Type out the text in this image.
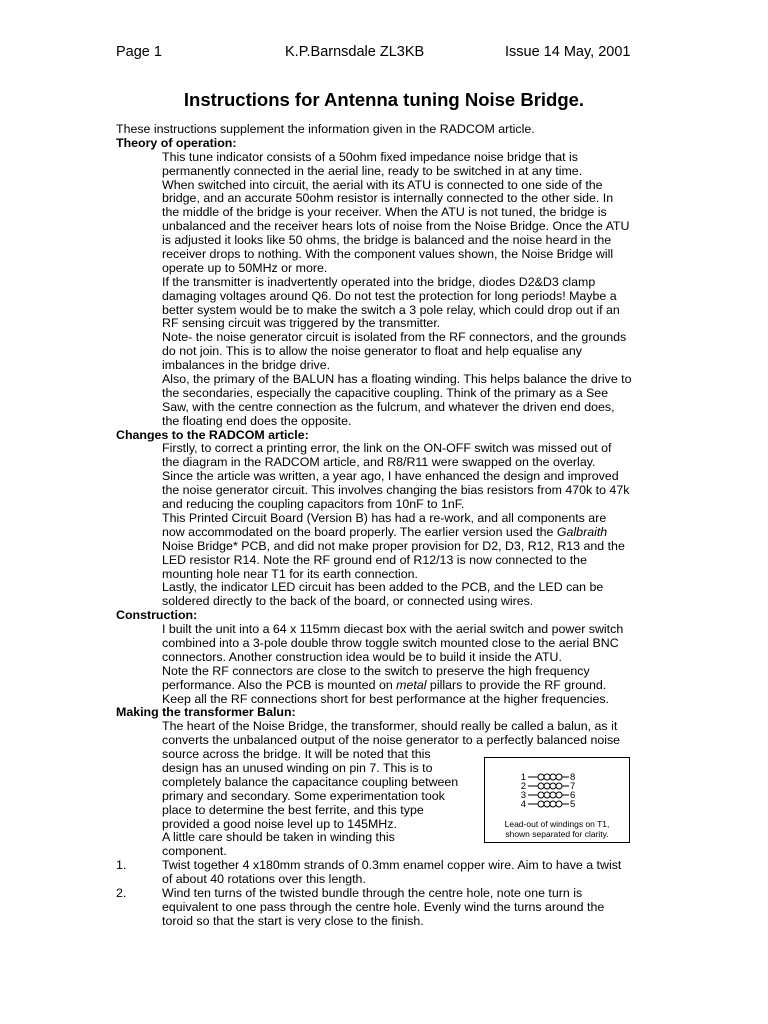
Page 1	K.P.Barnsdale ZL3KB	Issue 14 May, 2001
Instructions for Antenna tuning Noise Bridge.
These instructions supplement the information given in the RADCOM article.
Theory of operation:
This tune indicator consists of a 50ohm fixed impedance noise bridge that is
permanently connected in the aerial line, ready to be switched in at any time.
When switched into circuit, the aerial with its ATU is connected to one side of the
bridge, and an accurate 50ohm resistor is internally connected to the other side. In
the middle of the bridge is your receiver. When the ATU is not tuned, the bridge is
unbalanced and the receiver hears lots of noise from the Noise Bridge. Once the ATU
is adjusted it looks like 50 ohms, the bridge is balanced and the noise heard in the
receiver drops to nothing. With the component values shown, the Noise Bridge will
operate up to 50MHz or more.
If the transmitter is inadvertently operated into the bridge, diodes D2&D3 clamp
damaging voltages around Q6. Do not test the protection for long periods! Maybe a
better system would be to make the switch a 3 pole relay, which could drop out if an
RF sensing circuit was triggered by the transmitter.
Note- the noise generator circuit is isolated from the RF connectors, and the grounds
do not join. This is to allow the noise generator to float and help equalise any
imbalances in the bridge drive.
Also, the primary of the BALUN has a floating winding. This helps balance the drive to
the secondaries, especially the capacitive coupling. Think of the primary as a See
Saw, with the centre connection as the fulcrum, and whatever the driven end does,
the floating end does the opposite.
Changes to the RADCOM article:
Firstly, to correct a printing error, the link on the ON-OFF switch was missed out of
the diagram in the RADCOM article, and R8/R11 were swapped on the overlay.
Since the article was written, a year ago, I have enhanced the design and improved
the noise generator circuit. This involves changing the bias resistors from 470k to 47k
and reducing the coupling capacitors from 10nF to 1nF.
This Printed Circuit Board (Version B) has had a re-work, and all components are
now accommodated on the board properly. The earlier version used the Galbraith
Noise Bridge* PCB, and did not make proper provision for D2, D3, R12, R13 and the
LED resistor R14. Note the RF ground end of R12/13 is now connected to the
mounting hole near T1 for its earth connection.
Lastly, the indicator LED circuit has been added to the PCB, and the LED can be
soldered directly to the back of the board, or connected using wires.
Construction:
I built the unit into a 64 x 115mm diecast box with the aerial switch and power switch
combined into a 3-pole double throw toggle switch mounted close to the aerial BNC
connectors. Another construction idea would be to build it inside the ATU.
Note the RF connectors are close to the switch to preserve the high frequency
performance. Also the PCB is mounted on metal pillars to provide the RF ground.
Keep all the RF connections short for best performance at the higher frequencies.
Making the transformer Balun:
The heart of the Noise Bridge, the transformer, should really be called a balun, as it
converts the unbalanced output of the noise generator to a perfectly balanced noise
source across the bridge. It will be noted that this
design has an unused winding on pin 7. This is to
completely balance the capacitance coupling between
primary and secondary. Some experimentation took
place to determine the best ferrite, and this type
provided a good noise level up to 145MHz.
A little care should be taken in winding this
component.
1.	Twist together 4 x180mm strands of 0.3mm enamel copper wire. Aim to have a twist
of about 40 rotations over this length.
2.	Wind ten turns of the twisted bundle through the centre hole, note one turn is
equivalent to one pass through the centre hole. Evenly wind the turns around the
toroid so that the start is very close to the finish.
1
2
3
4
8
7
6
5
Lead-out of windings on T1,
shown separated for clarity.
